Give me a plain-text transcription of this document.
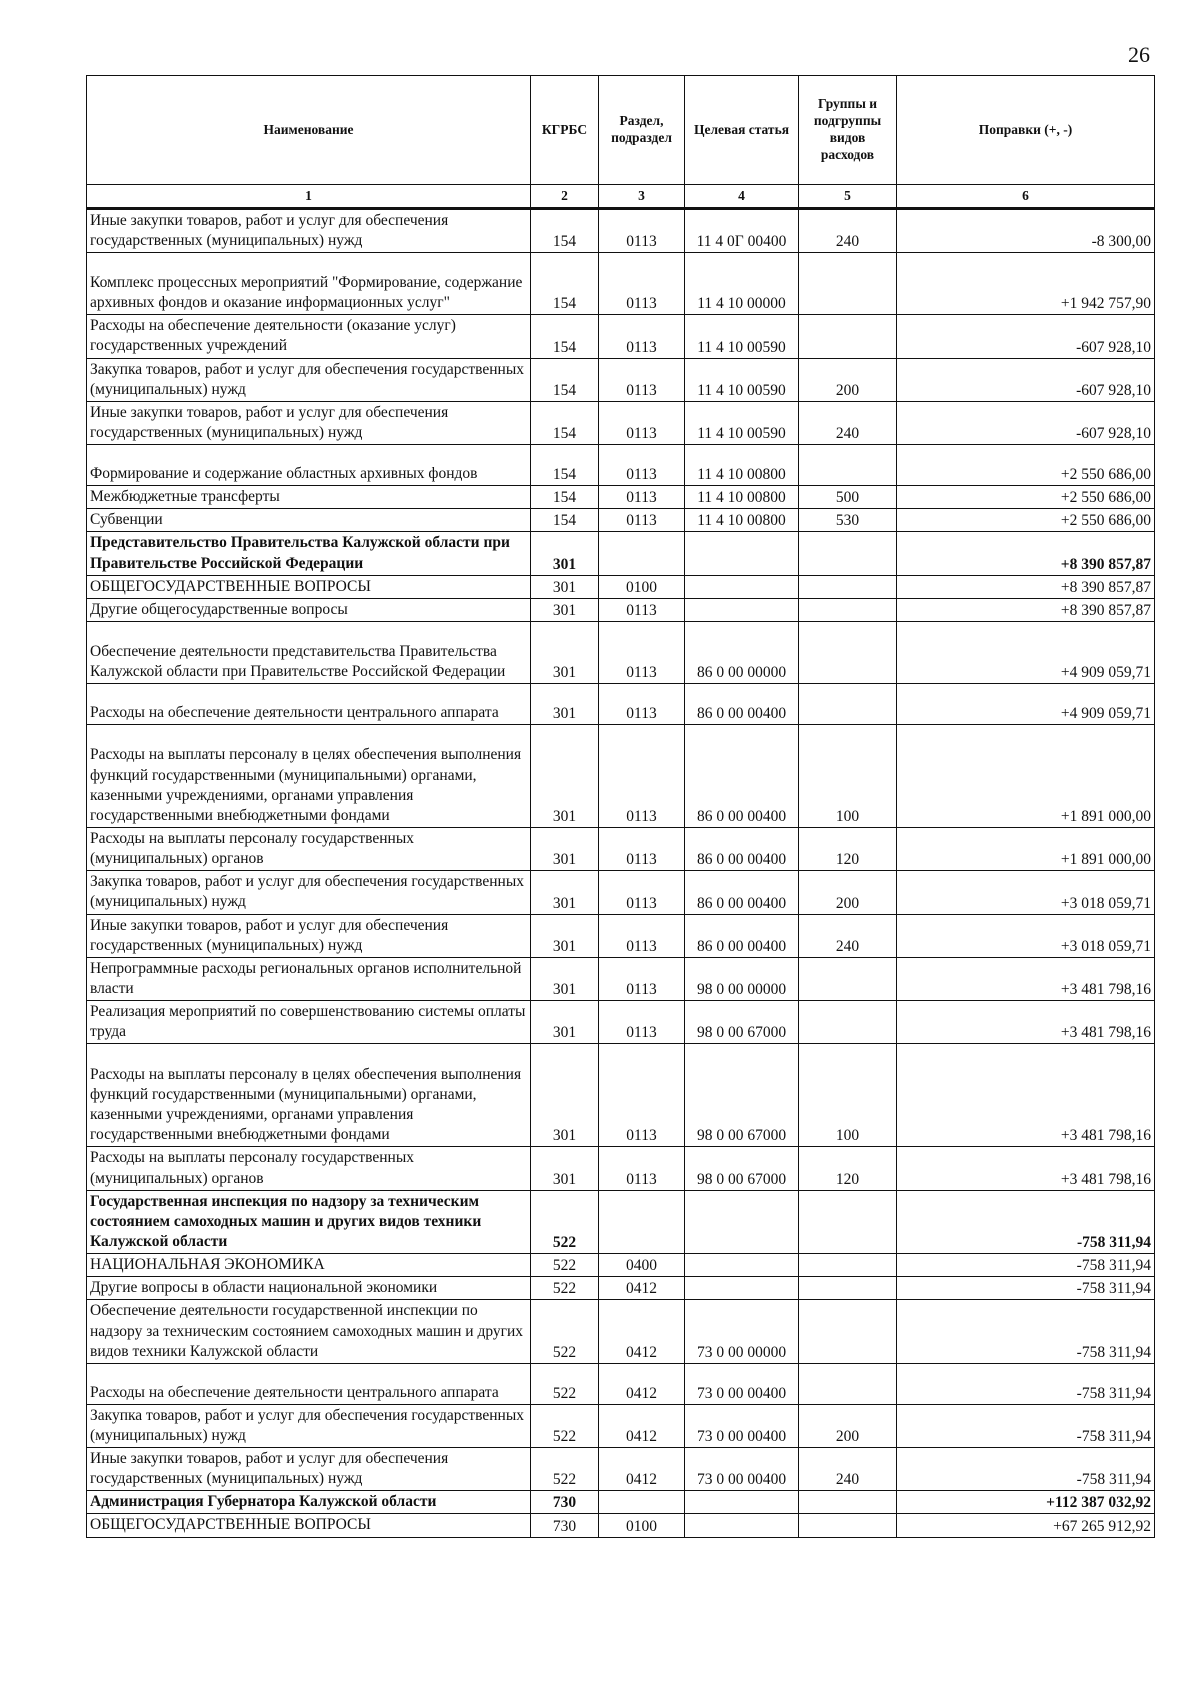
26
Наименование	КГРБС	Раздел, подраздел	Целевая статья	Группы и подгруппы видов расходов	Поправки (+, -)
1	2	3	4	5	6
Иные закупки товаров, работ и услуг для обеспечения государственных (муниципальных) нужд	154	0113	11 4 0Г 00400	240	-8 300,00
Комплекс процессных мероприятий "Формирование, содержание архивных фондов и оказание информационных услуг"	154	0113	11 4 10 00000		+1 942 757,90
Расходы на обеспечение деятельности (оказание услуг) государственных учреждений	154	0113	11 4 10 00590		-607 928,10
Закупка товаров, работ и услуг для обеспечения государственных (муниципальных) нужд	154	0113	11 4 10 00590	200	-607 928,10
Иные закупки товаров, работ и услуг для обеспечения государственных (муниципальных) нужд	154	0113	11 4 10 00590	240	-607 928,10
Формирование и содержание областных архивных фондов	154	0113	11 4 10 00800		+2 550 686,00
Межбюджетные трансферты	154	0113	11 4 10 00800	500	+2 550 686,00
Субвенции	154	0113	11 4 10 00800	530	+2 550 686,00
Представительство Правительства Калужской области при Правительстве Российской Федерации	301				+8 390 857,87
ОБЩЕГОСУДАРСТВЕННЫЕ ВОПРОСЫ	301	0100			+8 390 857,87
Другие общегосударственные вопросы	301	0113			+8 390 857,87
Обеспечение деятельности представительства Правительства Калужской области при Правительстве Российской Федерации	301	0113	86 0 00 00000		+4 909 059,71
Расходы на обеспечение деятельности центрального аппарата	301	0113	86 0 00 00400		+4 909 059,71
Расходы на выплаты персоналу в целях обеспечения выполнения функций государственными (муниципальными) органами, казенными учреждениями, органами управления государственными внебюджетными фондами	301	0113	86 0 00 00400	100	+1 891 000,00
Расходы на выплаты персоналу государственных (муниципальных) органов	301	0113	86 0 00 00400	120	+1 891 000,00
Закупка товаров, работ и услуг для обеспечения государственных (муниципальных) нужд	301	0113	86 0 00 00400	200	+3 018 059,71
Иные закупки товаров, работ и услуг для обеспечения государственных (муниципальных) нужд	301	0113	86 0 00 00400	240	+3 018 059,71
Непрограммные расходы региональных органов исполнительной власти	301	0113	98 0 00 00000		+3 481 798,16
Реализация мероприятий по совершенствованию системы оплаты труда	301	0113	98 0 00 67000		+3 481 798,16
Расходы на выплаты персоналу в целях обеспечения выполнения функций государственными (муниципальными) органами, казенными учреждениями, органами управления государственными внебюджетными фондами	301	0113	98 0 00 67000	100	+3 481 798,16
Расходы на выплаты персоналу государственных (муниципальных) органов	301	0113	98 0 00 67000	120	+3 481 798,16
Государственная инспекция по надзору за техническим состоянием самоходных машин и других видов техники Калужской области	522				-758 311,94
НАЦИОНАЛЬНАЯ ЭКОНОМИКА	522	0400			-758 311,94
Другие вопросы в области национальной экономики	522	0412			-758 311,94
Обеспечение деятельности государственной инспекции по надзору за техническим состоянием самоходных машин и других видов техники Калужской области	522	0412	73 0 00 00000		-758 311,94
Расходы на обеспечение деятельности центрального аппарата	522	0412	73 0 00 00400		-758 311,94
Закупка товаров, работ и услуг для обеспечения государственных (муниципальных) нужд	522	0412	73 0 00 00400	200	-758 311,94
Иные закупки товаров, работ и услуг для обеспечения государственных (муниципальных) нужд	522	0412	73 0 00 00400	240	-758 311,94
Администрация Губернатора Калужской области	730				+112 387 032,92
ОБЩЕГОСУДАРСТВЕННЫЕ ВОПРОСЫ	730	0100			+67 265 912,92
